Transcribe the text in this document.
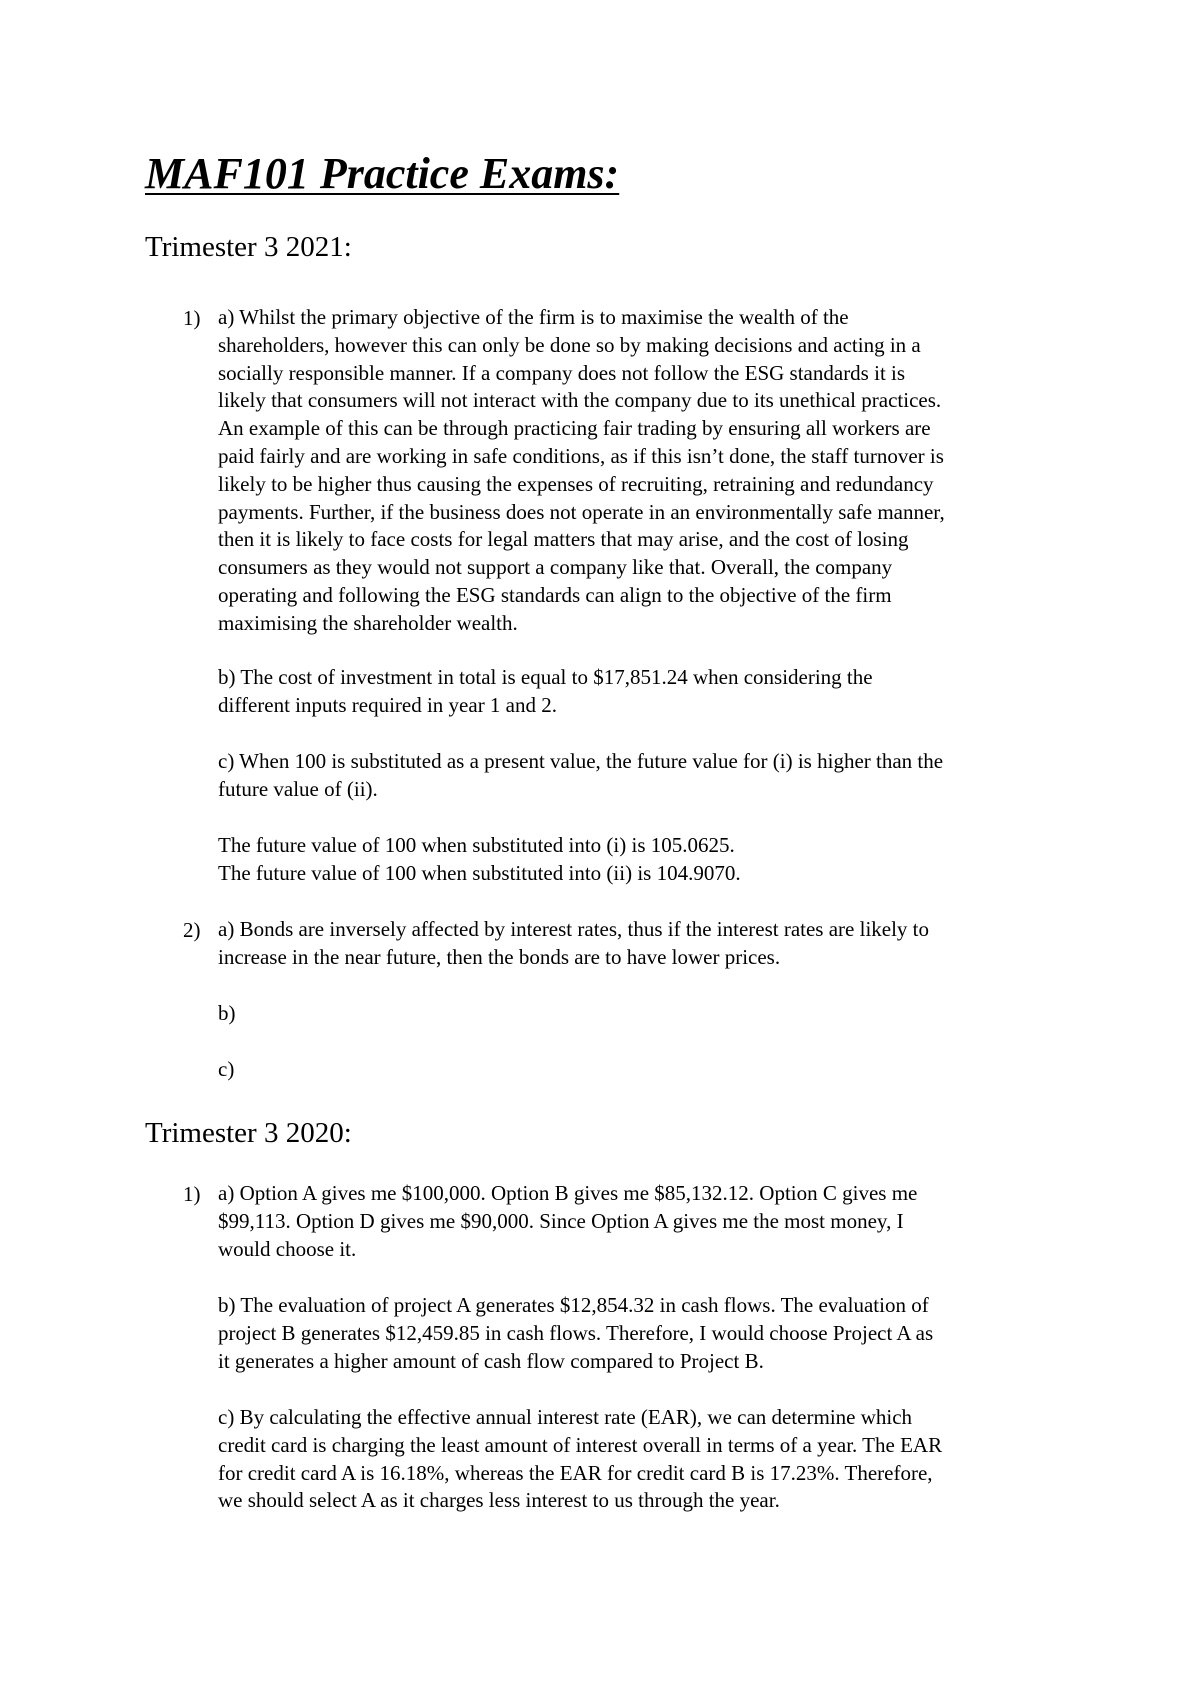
MAF101 Practice Exams:
Trimester 3 2021:
1) a) Whilst the primary objective of the firm is to maximise the wealth of the
shareholders, however this can only be done so by making decisions and acting in a
socially responsible manner. If a company does not follow the ESG standards it is
likely that consumers will not interact with the company due to its unethical practices.
An example of this can be through practicing fair trading by ensuring all workers are
paid fairly and are working in safe conditions, as if this isn’t done, the staff turnover is
likely to be higher thus causing the expenses of recruiting, retraining and redundancy
payments. Further, if the business does not operate in an environmentally safe manner,
then it is likely to face costs for legal matters that may arise, and the cost of losing
consumers as they would not support a company like that. Overall, the company
operating and following the ESG standards can align to the objective of the firm
maximising the shareholder wealth.

b) The cost of investment in total is equal to $17,851.24 when considering the
different inputs required in year 1 and 2.

c) When 100 is substituted as a present value, the future value for (i) is higher than the
future value of (ii).

The future value of 100 when substituted into (i) is 105.0625.
The future value of 100 when substituted into (ii) is 104.9070.

2) a) Bonds are inversely affected by interest rates, thus if the interest rates are likely to
increase in the near future, then the bonds are to have lower prices.

b)

c)

Trimester 3 2020:
1) a) Option A gives me $100,000. Option B gives me $85,132.12. Option C gives me
$99,113. Option D gives me $90,000. Since Option A gives me the most money, I
would choose it.

b) The evaluation of project A generates $12,854.32 in cash flows. The evaluation of
project B generates $12,459.85 in cash flows. Therefore, I would choose Project A as
it generates a higher amount of cash flow compared to Project B.

c) By calculating the effective annual interest rate (EAR), we can determine which
credit card is charging the least amount of interest overall in terms of a year. The EAR
for credit card A is 16.18%, whereas the EAR for credit card B is 17.23%. Therefore,
we should select A as it charges less interest to us through the year.
